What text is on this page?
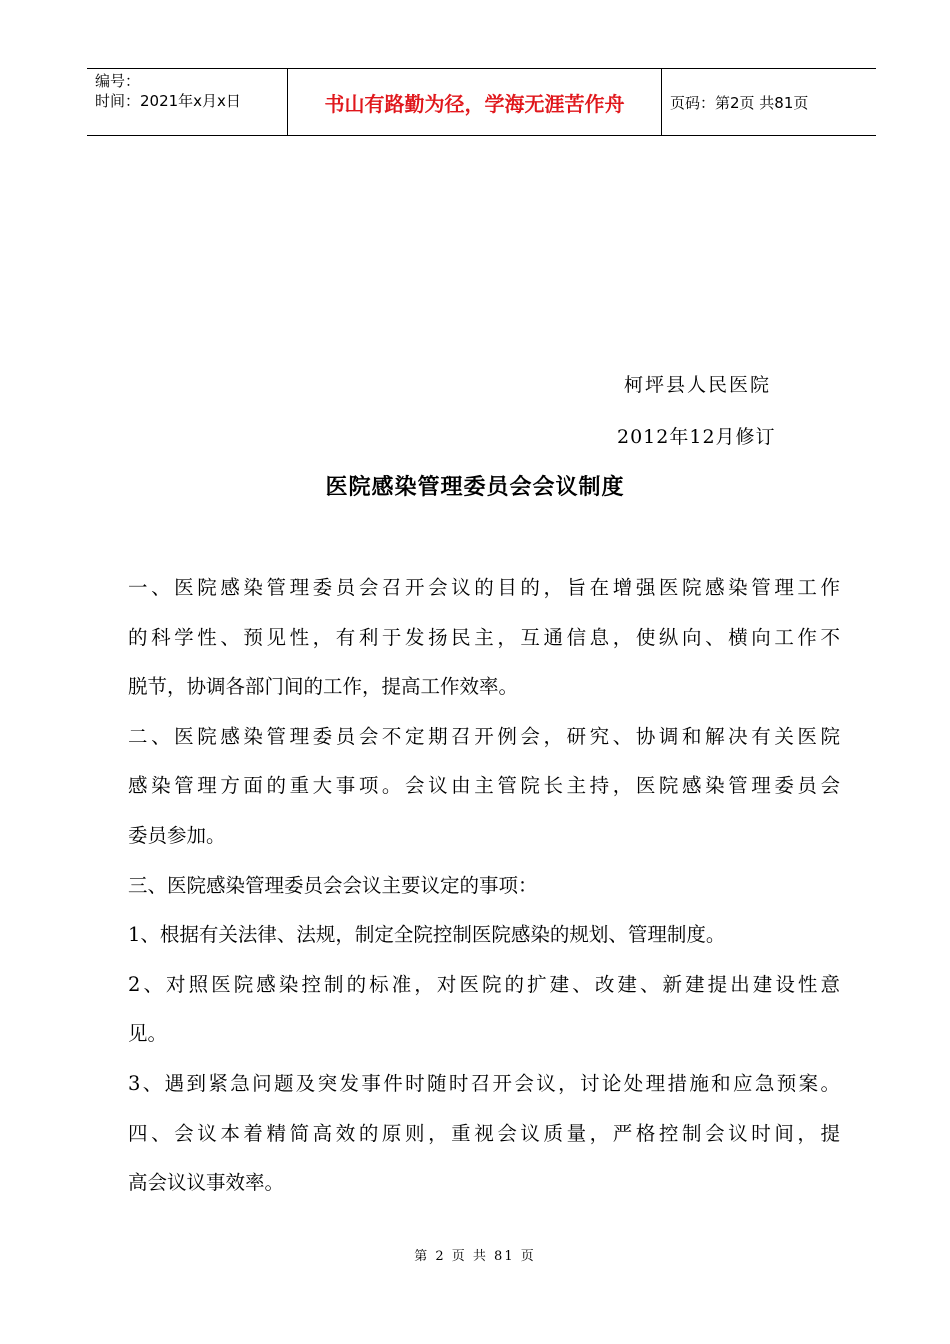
编号：
时间：2021年x月x日	书山有路勤为径，学海无涯苦作舟	页码：第2页 共81页
柯坪县人民医院
2012年12月修订
医院感染管理委员会会议制度

一、医院感染管理委员会召开会议的目的，旨在增强医院感染管理工作

的科学性、预见性，有利于发扬民主，互通信息，使纵向、横向工作不

脱节，协调各部门间的工作，提高工作效率。

二、医院感染管理委员会不定期召开例会，研究、协调和解决有关医院

感染管理方面的重大事项。会议由主管院长主持，医院感染管理委员会

委员参加。

三、医院感染管理委员会会议主要议定的事项：

1、根据有关法律、法规，制定全院控制医院感染的规划、管理制度。

2、对照医院感染控制的标准，对医院的扩建、改建、新建提出建设性意

见。

3、遇到紧急问题及突发事件时随时召开会议，讨论处理措施和应急预案。

四、会议本着精简高效的原则，重视会议质量，严格控制会议时间，提

高会议议事效率。

第 2 页 共 81 页
